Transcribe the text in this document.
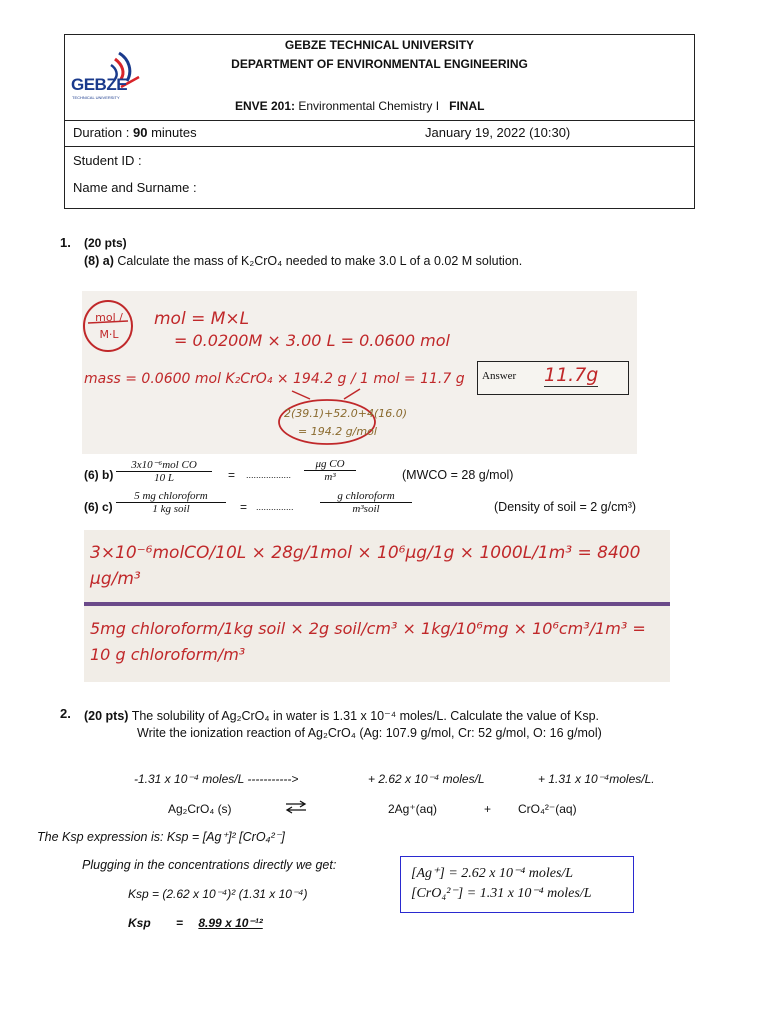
GEBZE
TECHNICAL UNIVERSITY
GEBZE TECHNICAL UNIVERSITY
DEPARTMENT OF ENVIRONMENTAL ENGINEERING
ENVE 201: Environmental Chemistry I FINAL
Duration : 90 minutes	January 19, 2022 (10:30)
Student ID :
Name and Surname :
1. (20 pts)
(8) a) Calculate the mass of K₂CrO₄ needed to make 3.0 L of a 0.02 M solution.
mol / M·L
mol = M×L
= 0.0200M × 3.00 L = 0.0600 mol
mass = 0.0600 mol K₂CrO₄ × 194.2 g / 1 mol = 11.7 g
2(39.1)+52.0+4(16.0)
= 194.2 g/mol
Answer 11.7g
(6) b)
3x10⁻⁶mol CO
10 L	= .................. $\frac{\text{μg CO}}{\text{m³}}$	(MWCO = 28 g/mol)
(6) c)
5 mg chloroform
1 kg soil	= ...............
g chloroform
m³soil	(Density of soil = 2 g/cm³)
3×10⁻⁶molCO/10L × 28g/1mol × 10⁶μg/1g × 1000L/1m³ = 8400 μg/m³
5mg chloroform/1kg soil × 2g soil/cm³ × 1kg/10⁶mg × 10⁶cm³/1m³ = 10 g chloroform/m³
2. (20 pts) The solubility of Ag₂CrO₄ in water is 1.31 x 10⁻⁴ moles/L. Calculate the value of Ksp.
Write the ionization reaction of Ag₂CrO₄ (Ag: 107.9 g/mol, Cr: 52 g/mol, O: 16 g/mol)
-1.31 x 10⁻⁴ moles/L ----------->	+ 2.62 x 10⁻⁴ moles/L	+ 1.31 x 10⁻⁴moles/L.
Ag₂CrO₄ (s)	2Ag⁺(aq)	+ CrO₄²⁻(aq)
The Ksp expression is: Ksp = [Ag⁺]² [CrO₄²⁻]
Plugging in the concentrations directly we get:
Ksp = (2.62 x 10⁻⁴)² (1.31 x 10⁻⁴)
Ksp = 8.99 x 10⁻¹²
[Ag⁺] = 2.62 x 10⁻⁴ moles/L
[CrO₄²⁻] = 1.31 x 10⁻⁴ moles/L
